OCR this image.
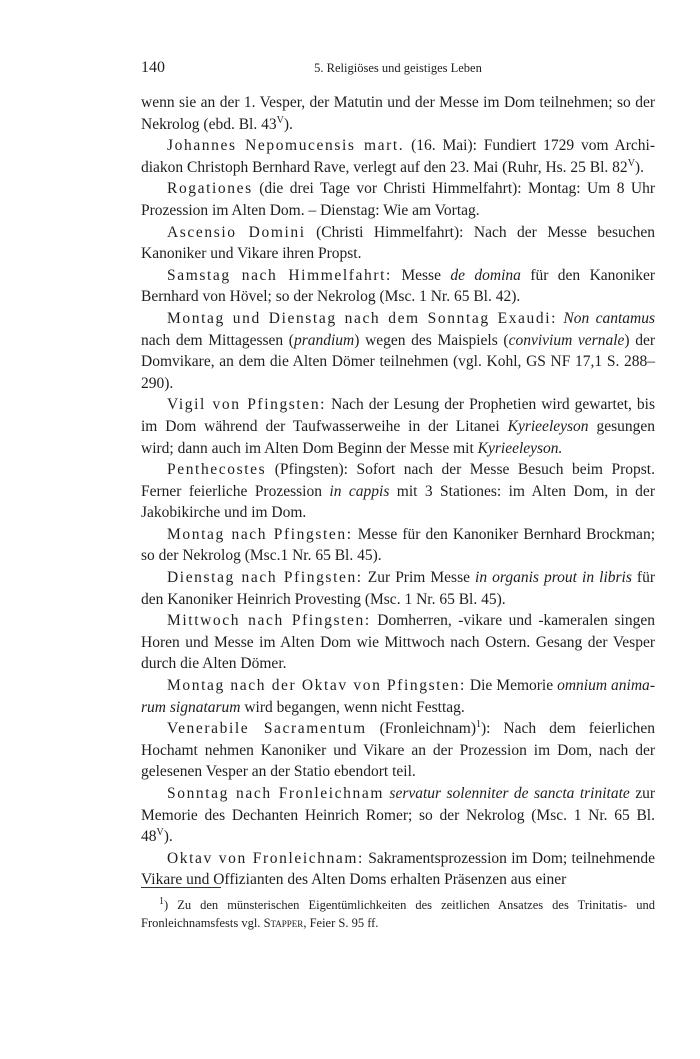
140	5. Religiöses und geistiges Leben

wenn sie an der 1. Vesper, der Matutin und der Messe im Dom teilnehmen; so der Nekrolog (ebd. Bl. $43^V$).

Johannes Nepomucensis mart. (16. Mai): Fundiert 1729 vom Archidiakon Christoph Bernhard Rave, verlegt auf den 23. Mai (Ruhr, Hs. 25 Bl. $82^V$).

Rogationes (die drei Tage vor Christi Himmelfahrt): Montag: Um 8 Uhr Prozession im Alten Dom. – Dienstag: Wie am Vortag.

Ascensio Domini (Christi Himmelfahrt): Nach der Messe besuchen Kanoniker und Vikare ihren Propst.

Samstag nach Himmelfahrt: Messe de domina für den Kanoniker Bernhard von Hövel; so der Nekrolog (Msc. 1 Nr. 65 Bl. 42).

Montag und Dienstag nach dem Sonntag Exaudi: Non cantamus nach dem Mittagessen (prandium) wegen des Maispiels (convivium vernale) der Domvikare, an dem die Alten Dömer teilnehmen (vgl. Kohl, GS NF 17,1 S. 288–290).

Vigil von Pfingsten: Nach der Lesung der Prophetien wird gewartet, bis im Dom während der Taufwasserweihe in der Litanei Kyrieeleyson gesungen wird; dann auch im Alten Dom Beginn der Messe mit Kyrieeleyson.

Penthecostes (Pfingsten): Sofort nach der Messe Besuch beim Propst. Ferner feierliche Prozession in cappis mit 3 Stationes: im Alten Dom, in der Jakobikirche und im Dom.

Montag nach Pfingsten: Messe für den Kanoniker Bernhard Brockman; so der Nekrolog (Msc.1 Nr. 65 Bl. 45).

Dienstag nach Pfingsten: Zur Prim Messe in organis prout in libris für den Kanoniker Heinrich Provesting (Msc. 1 Nr. 65 Bl. 45).

Mittwoch nach Pfingsten: Domherren, -vikare und -kameralen singen Horen und Messe im Alten Dom wie Mittwoch nach Ostern. Gesang der Vesper durch die Alten Dömer.

Montag nach der Oktav von Pfingsten: Die Memorie omnium animarum signatarum wird begangen, wenn nicht Festtag.

Venerabile Sacramentum (Fronleichnam)$^1$): Nach dem feierlichen Hochamt nehmen Kanoniker und Vikare an der Prozession im Dom, nach der gelesenen Vesper an der Statio ebendort teil.

Sonntag nach Fronleichnam servatur solenniter de sancta trinitate zur Memorie des Dechanten Heinrich Romer; so der Nekrolog (Msc. 1 Nr. 65 Bl. $48^V$).

Oktav von Fronleichnam: Sakramentsprozession im Dom; teilnehmende Vikare und Offizianten des Alten Doms erhalten Präsenzen aus einer

$^1$) Zu den münsterischen Eigentümlichkeiten des zeitlichen Ansatzes des Trinitatis- und Fronleichnamsfests vgl. Stapper, Feier S. 95 ff.
